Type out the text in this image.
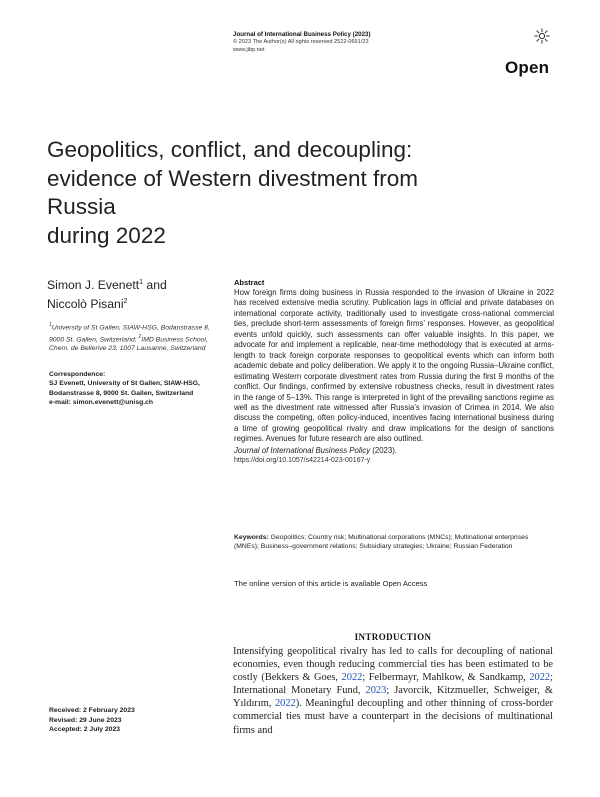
Journal of International Business Policy (2023)
© 2023 The Author(s) All rights reserved 2522-0691/23
www.jibp.net
Open
Geopolitics, conflict, and decoupling:
evidence of Western divestment from Russia
during 2022
Simon J. Evenett$^1$ and
Niccolò Pisani$^2$
$^1$University of St Gallen, SIAW-HSG, Bodanstrasse 8, 9000 St. Gallen, Switzerland; $^2$IMD Business School, Chem. de Bellerive 23, 1007 Lausanne, Switzerland
Correspondence:
SJ Evenett, University of St Gallen, SIAW-HSG, Bodanstrasse 8, 9000 St. Gallen, Switzerland
e-mail: simon.evenett@unisg.ch
Abstract

How foreign firms doing business in Russia responded to the invasion of Ukraine in 2022 has received extensive media scrutiny. Publication lags in official and private databases on international corporate activity, traditionally used to investigate cross-national commercial ties, preclude short-term assessments of foreign firms’ responses. However, as geopolitical events unfold quickly, such assessments can offer valuable insights. In this paper, we advocate for and implement a replicable, near-time methodology that is executed at arms-length to track foreign corporate responses to geopolitical events which can inform both academic debate and policy deliberation. We apply it to the ongoing Russia–Ukraine conflict, estimating Western corporate divestment rates from Russia during the first 9 months of the conflict. Our findings, confirmed by extensive robustness checks, result in divestment rates in the range of 5–13%. This range is interpreted in light of the prevailing sanctions regime as well as the divestment rate witnessed after Russia’s invasion of Crimea in 2014. We also discuss the competing, often policy-induced, incentives facing international business during a time of growing geopolitical rivalry and draw implications for the design of sanctions regimes. Avenues for future research are also outlined.

Journal of International Business Policy (2023).
https://doi.org/10.1057/s42214-023-00167-y
Keywords: Geopolitics; Country risk; Multinational corporations (MNCs); Multinational enterprises (MNEs); Business–government relations; Subsidiary strategies; Ukraine; Russian Federation
The online version of this article is available Open Access
INTRODUCTION

Intensifying geopolitical rivalry has led to calls for decoupling of national economies, even though reducing commercial ties has been estimated to be costly (Bekkers & Goes, 2022; Felbermayr, Mahlkow, & Sandkamp, 2022; International Monetary Fund, 2023; Javorcik, Kitzmueller, Schweiger, & Yıldırım, 2022). Meaningful decoupling and other thinning of cross-border commercial ties must have a counterpart in the decisions of multinational firms and

Received: 2 February 2023
Revised: 29 June 2023
Accepted: 2 July 2023
